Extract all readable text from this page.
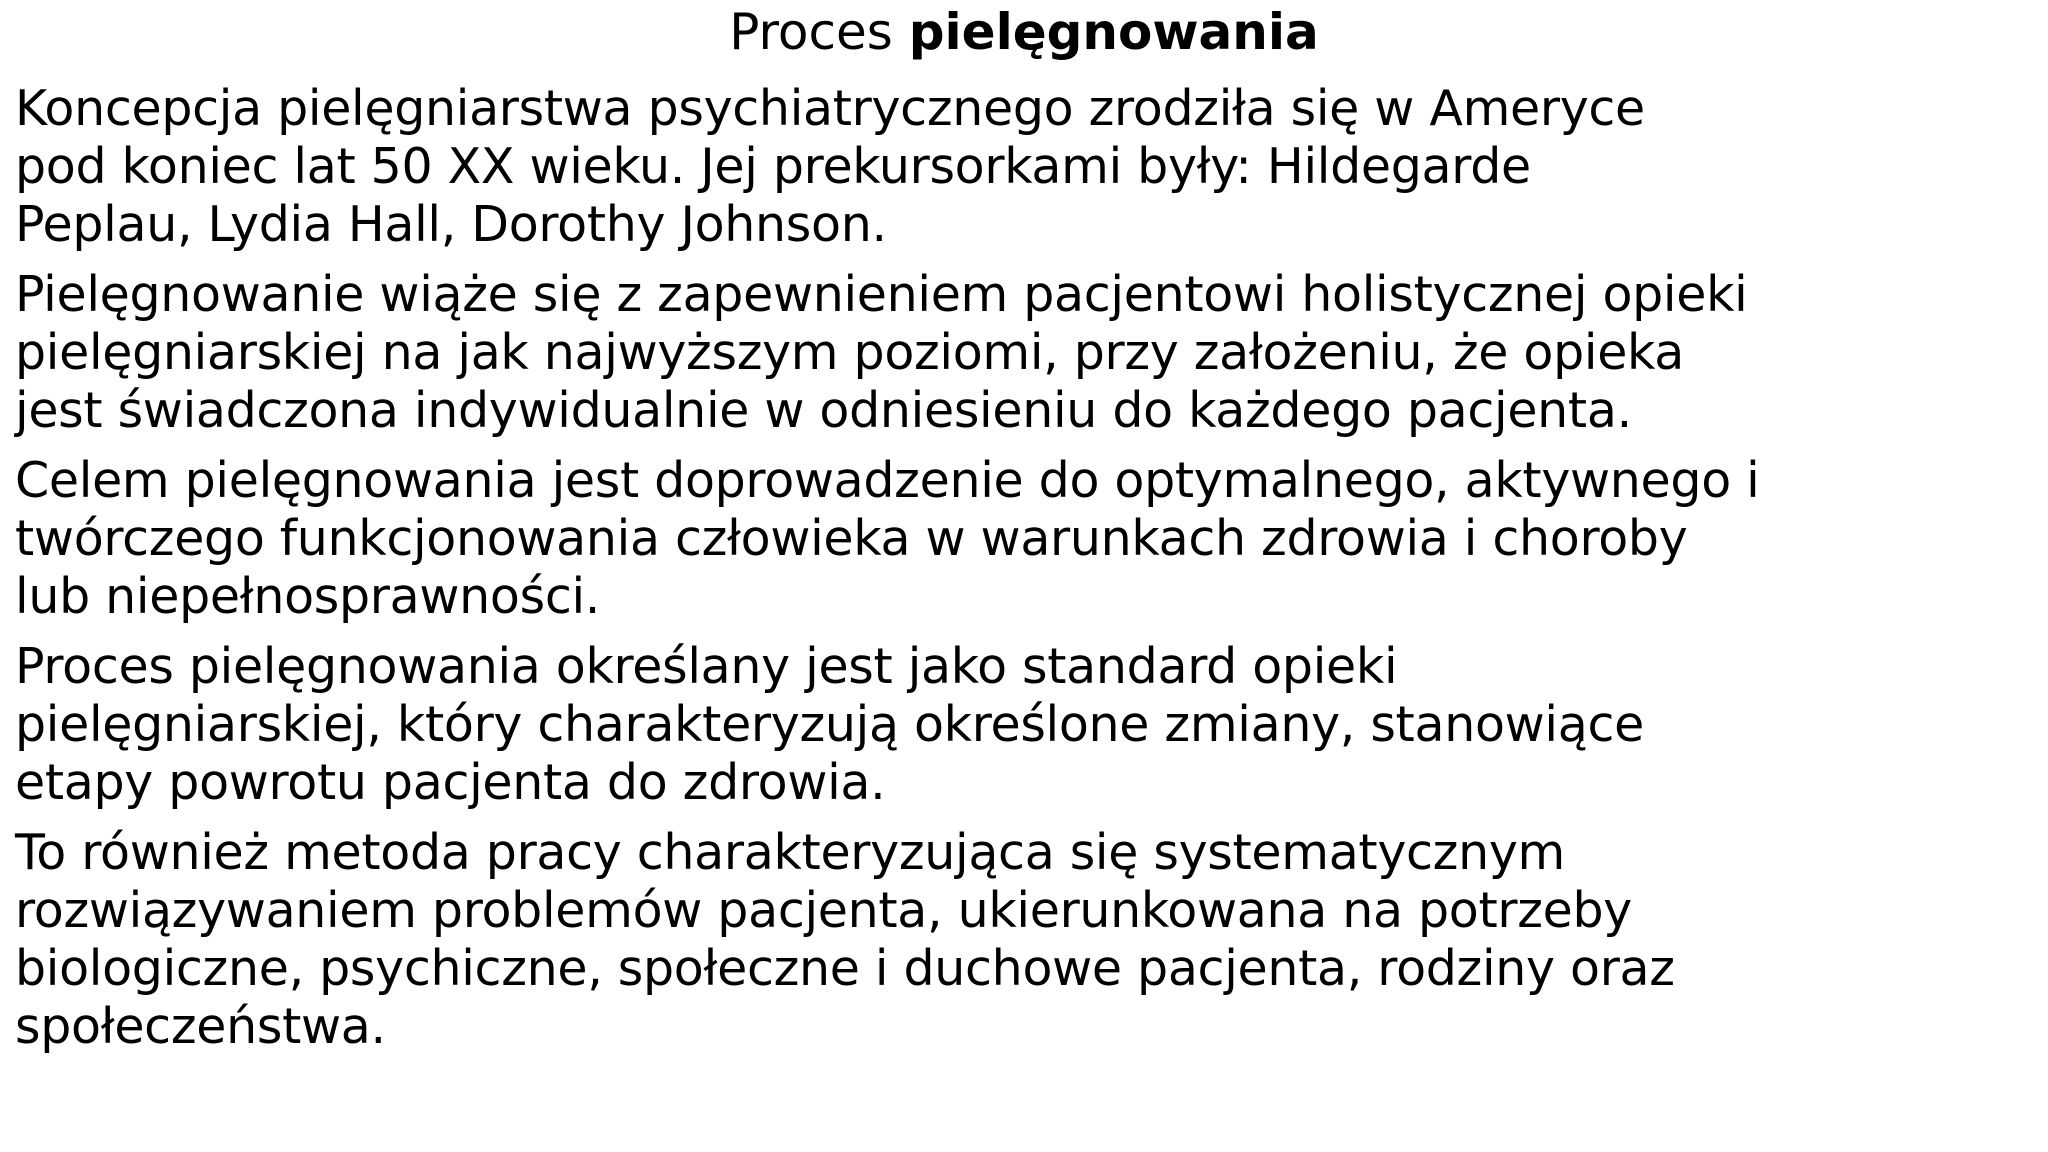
Proces pielęgnowania
Koncepcja pielęgniarstwa psychiatrycznego zrodziła się w Ameryce
pod koniec lat 50 XX wieku. Jej prekursorkami były: Hildegarde
Peplau, Lydia Hall, Dorothy Johnson.
Pielęgnowanie wiąże się z zapewnieniem pacjentowi holistycznej opieki
pielęgniarskiej na jak najwyższym poziomi, przy założeniu, że opieka
jest świadczona indywidualnie w odniesieniu do każdego pacjenta.
Celem pielęgnowania jest doprowadzenie do optymalnego, aktywnego i
twórczego funkcjonowania człowieka w warunkach zdrowia i choroby
lub niepełnosprawności.
Proces pielęgnowania określany jest jako standard opieki
pielęgniarskiej, który charakteryzują określone zmiany, stanowiące
etapy powrotu pacjenta do zdrowia.
To również metoda pracy charakteryzująca się systematycznym
rozwiązywaniem problemów pacjenta, ukierunkowana na potrzeby
biologiczne, psychiczne, społeczne i duchowe pacjenta, rodziny oraz
społeczeństwa.
